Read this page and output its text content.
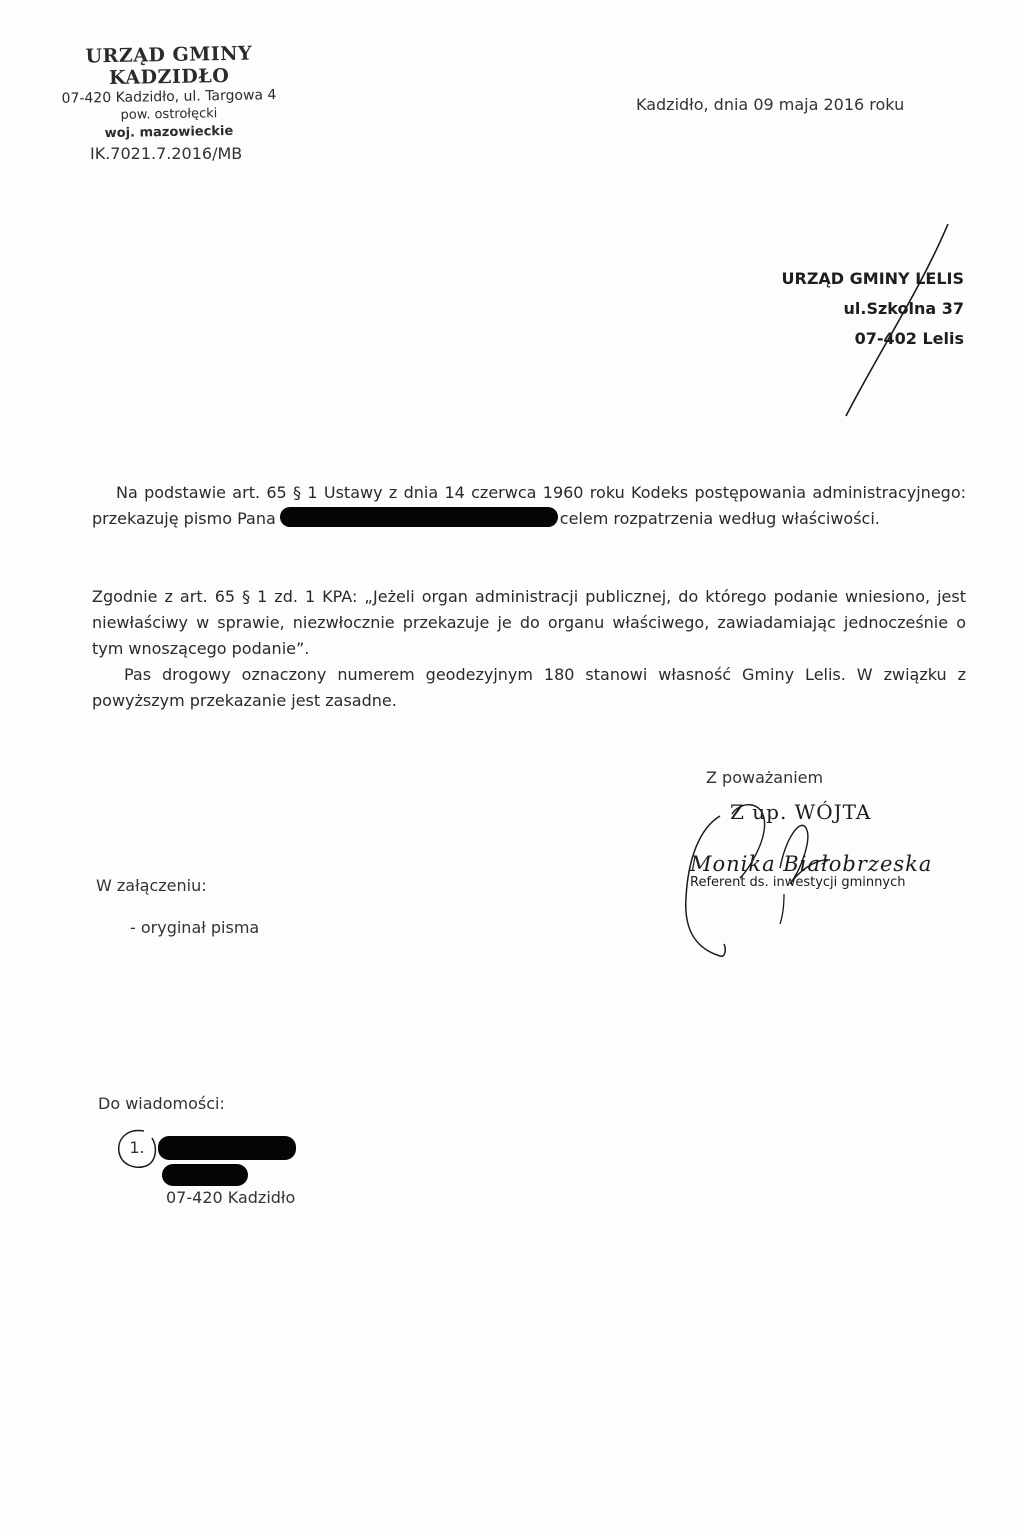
URZĄD GMINY KADZIDŁO
07-420 Kadzidło, ul. Targowa 4
pow. ostrołęcki
woj. mazowieckie
IK.7021.7.2016/MB
Kadzidło, dnia 09 maja 2016 roku
URZĄD GMINY LELIS
ul.Szkolna 37
07-402 Lelis
Na podstawie art. 65 § 1 Ustawy z dnia 14 czerwca 1960 roku Kodeks postępowania administracyjnego: przekazuję pismo Pana	celem rozpatrzenia według właściwości.
Zgodnie z art. 65 § 1 zd. 1 KPA: „Jeżeli organ administracji publicznej, do którego podanie wniesiono, jest niewłaściwy w sprawie, niezwłocznie przekazuje je do organu właściwego, zawiadamiając jednocześnie o tym wnoszącego podanie”.
Pas drogowy oznaczony numerem geodezyjnym 180 stanowi własność Gminy Lelis. W związku z powyższym przekazanie jest zasadne.
Z poważaniem
Z up. WÓJTA
Monika Białobrzeska
Referent ds. inwestycji gminnych
W załączeniu:
- oryginał pisma
Do wiadomości:
1.
07-420 Kadzidło
